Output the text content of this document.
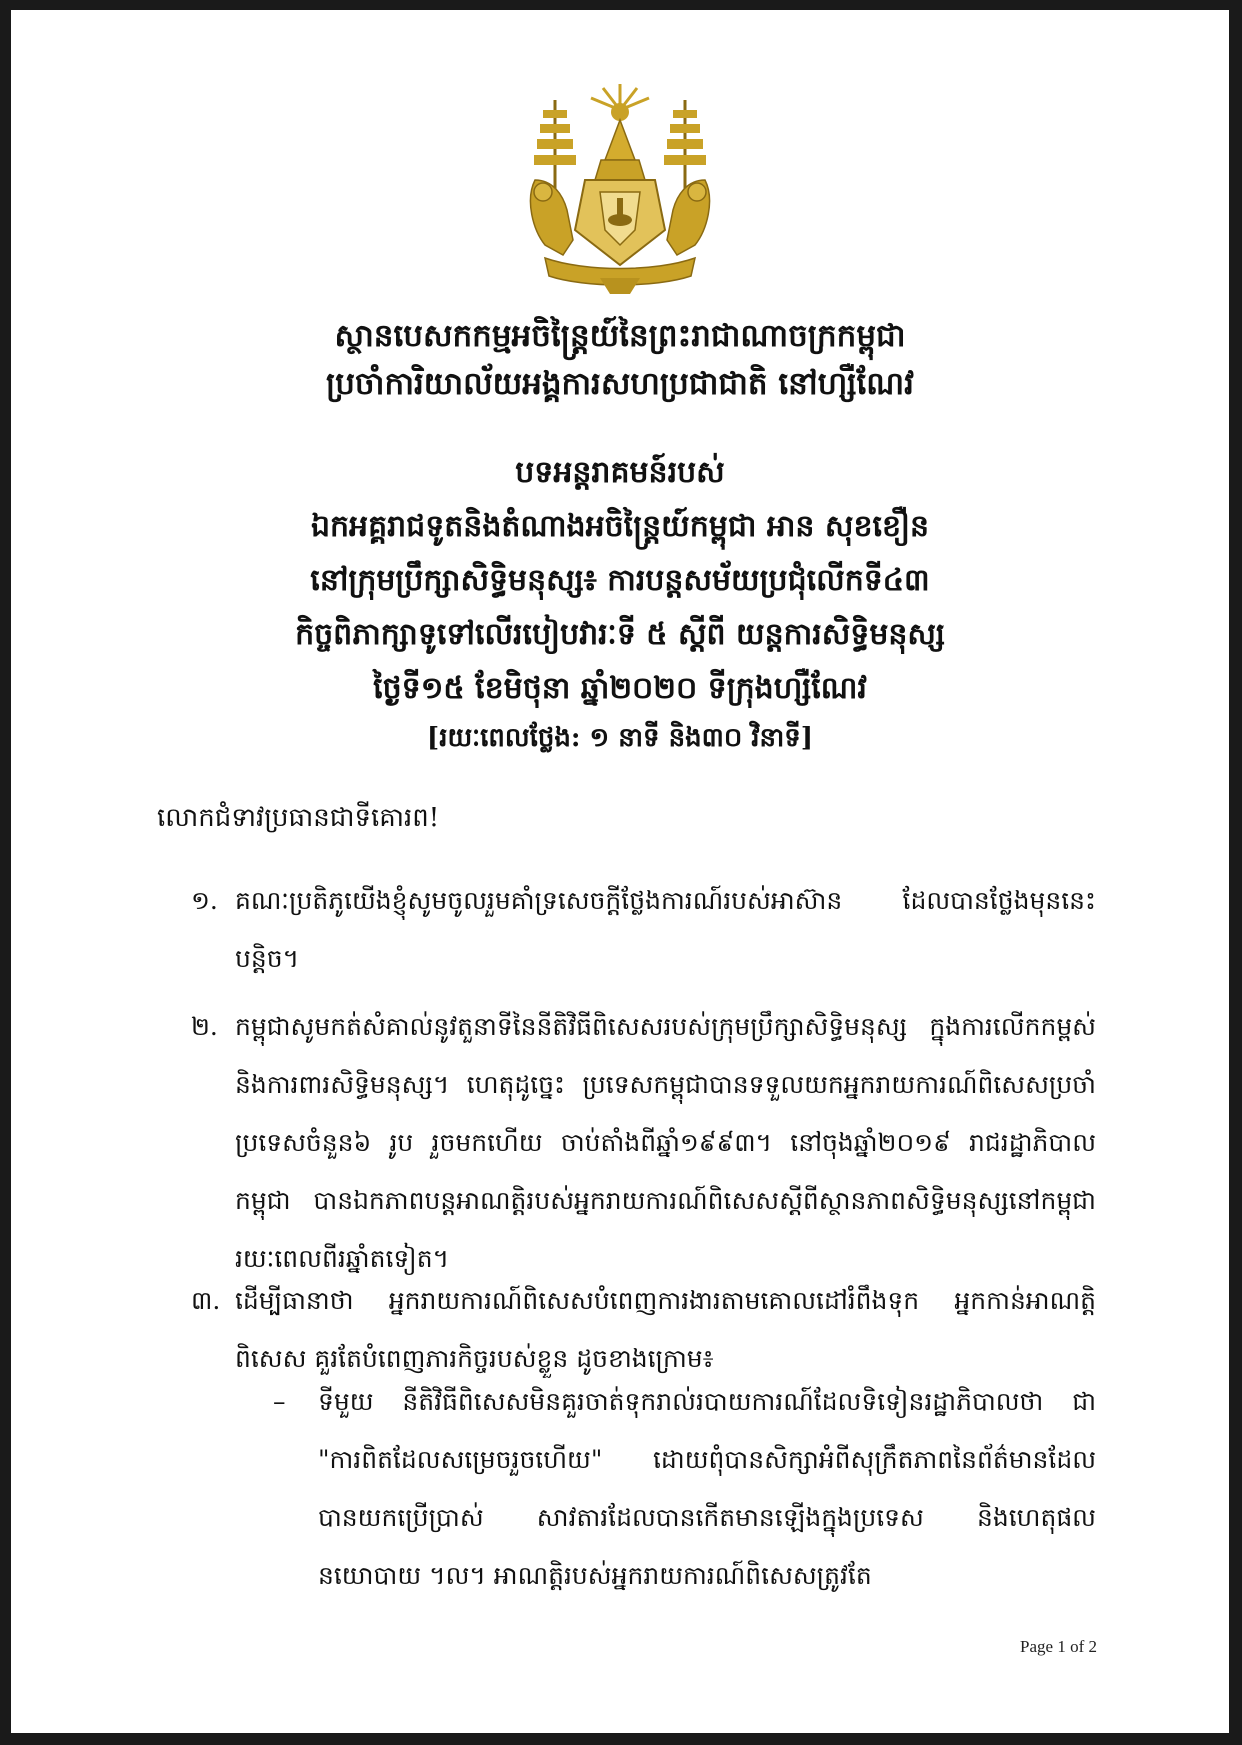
ស្ថានបេសកកម្មអចិន្ត្រៃយ៍នៃព្រះរាជាណាចក្រកម្ពុជា

ប្រចាំការិយាល័យអង្គការសហប្រជាជាតិ នៅហ្សឺណែវ

បទអន្តរាគមន៍របស់

ឯកអគ្គរាជទូតនិងតំណាងអចិន្ត្រៃយ៍កម្ពុជា អាន សុខខឿន

នៅក្រុមប្រឹក្សាសិទ្ធិមនុស្ស៖ ការបន្តសម័យប្រជុំលើកទី៤៣

កិច្ចពិភាក្សាទូទៅលើរបៀបវារៈទី ៥ ស្តីពី យន្តការសិទ្ធិមនុស្ស

ថ្ងៃទី១៥ ខែមិថុនា ឆ្នាំ២០២០ ទីក្រុងហ្សឺណែវ

[រយៈពេលថ្លែង: ១ នាទី និង៣០ វិនាទី]

លោកជំទាវប្រធានជាទីគោរព!
១. គណៈប្រតិភូយើងខ្ញុំសូមចូលរួមគាំទ្រសេចក្តីថ្លែងការណ៍របស់អាស៊ាន ដែលបានថ្លែងមុននេះបន្តិច។
២. កម្ពុជាសូមកត់សំគាល់នូវតួនាទីនៃនីតិវិធីពិសេសរបស់ក្រុមប្រឹក្សាសិទ្ធិមនុស្ស ក្នុងការលើកកម្ពស់ និងការពារសិទ្ធិមនុស្ស។ ហេតុដូច្នេះ ប្រទេសកម្ពុជាបានទទួលយកអ្នករាយការណ៍ពិសេសប្រចាំប្រទេសចំនួន៦ រូប រួចមកហើយ ចាប់តាំងពីឆ្នាំ១៩៩៣។ នៅចុងឆ្នាំ២០១៩ រាជរដ្ឋាភិបាលកម្ពុជា បានឯកភាពបន្តអាណត្តិរបស់អ្នករាយការណ៍ពិសេសស្តីពីស្ថានភាពសិទ្ធិមនុស្សនៅកម្ពុជា រយៈពេលពីរឆ្នាំតទៀត។
៣. ដើម្បីធានាថា អ្នករាយការណ៍ពិសេសបំពេញការងារតាមគោលដៅរំពឹងទុក អ្នកកាន់អាណត្តិពិសេស គួរតែបំពេញភារកិច្ចរបស់ខ្លួន ដូចខាងក្រោម៖
– ទីមួយ នីតិវិធីពិសេសមិនគួរចាត់ទុករាល់របាយការណ៍ដែលទិទៀនរដ្ឋាភិបាលថា ជា "ការពិតដែលសម្រេចរួចហើយ" ដោយពុំបានសិក្សាអំពីសុក្រឹតភាពនៃព័ត៌មានដែលបានយកប្រើប្រាស់ សាវតារដែលបានកើតមានឡើងក្នុងប្រទេស និងហេតុផលនយោបាយ ។ល។ អាណត្តិរបស់អ្នករាយការណ៍ពិសេសត្រូវតែ
Page 1 of 2
